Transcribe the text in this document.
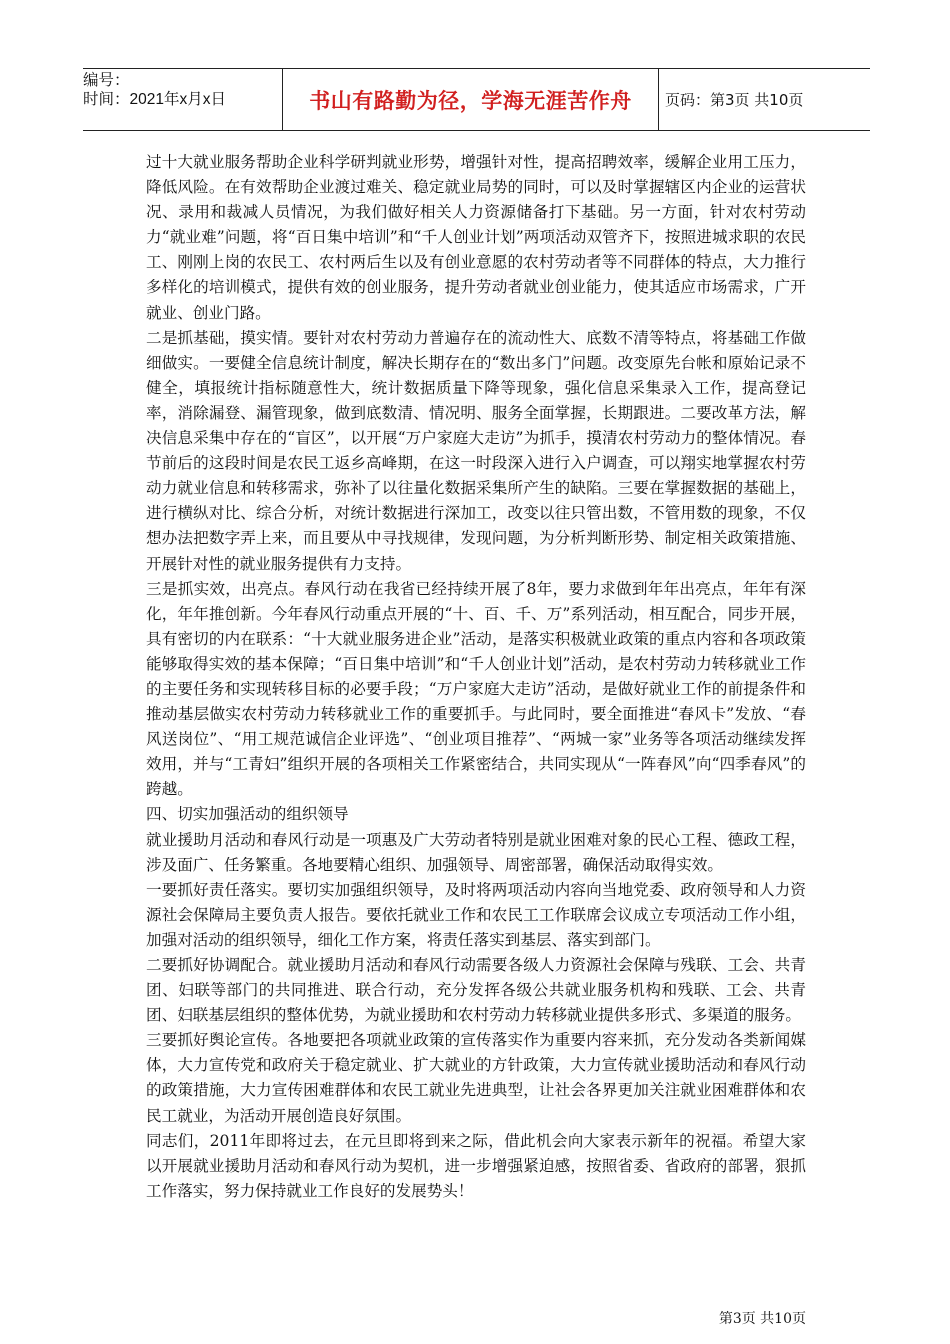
编号：
时间：2021年x月x日	书山有路勤为径，学海无涯苦作舟	页码：第3页 共10页

过十大就业服务帮助企业科学研判就业形势，增强针对性，提高招聘效率，缓解企业用工压力，降低风险。在有效帮助企业渡过难关、稳定就业局势的同时，可以及时掌握辖区内企业的运营状况、录用和裁减人员情况，为我们做好相关人力资源储备打下基础。另一方面，针对农村劳动力“就业难”问题，将“百日集中培训”和“千人创业计划”两项活动双管齐下，按照进城求职的农民工、刚刚上岗的农民工、农村两后生以及有创业意愿的农村劳动者等不同群体的特点，大力推行多样化的培训模式，提供有效的创业服务，提升劳动者就业创业能力，使其适应市场需求，广开就业、创业门路。

二是抓基础，摸实情。要针对农村劳动力普遍存在的流动性大、底数不清等特点，将基础工作做细做实。一要健全信息统计制度，解决长期存在的“数出多门”问题。改变原先台帐和原始记录不健全，填报统计指标随意性大，统计数据质量下降等现象，强化信息采集录入工作，提高登记率，消除漏登、漏管现象，做到底数清、情况明、服务全面掌握，长期跟进。二要改革方法，解决信息采集中存在的“盲区”，以开展“万户家庭大走访”为抓手，摸清农村劳动力的整体情况。春节前后的这段时间是农民工返乡高峰期，在这一时段深入进行入户调查，可以翔实地掌握农村劳动力就业信息和转移需求，弥补了以往量化数据采集所产生的缺陷。三要在掌握数据的基础上，进行横纵对比、综合分析，对统计数据进行深加工，改变以往只管出数，不管用数的现象，不仅想办法把数字弄上来，而且要从中寻找规律，发现问题，为分析判断形势、制定相关政策措施、开展针对性的就业服务提供有力支持。

三是抓实效，出亮点。春风行动在我省已经持续开展了8年，要力求做到年年出亮点，年年有深化，年年推创新。今年春风行动重点开展的“十、百、千、万”系列活动，相互配合，同步开展，具有密切的内在联系：“十大就业服务进企业”活动，是落实积极就业政策的重点内容和各项政策能够取得实效的基本保障；“百日集中培训”和“千人创业计划”活动，是农村劳动力转移就业工作的主要任务和实现转移目标的必要手段；“万户家庭大走访”活动，是做好就业工作的前提条件和推动基层做实农村劳动力转移就业工作的重要抓手。与此同时，要全面推进“春风卡”发放、“春风送岗位”、“用工规范诚信企业评选”、“创业项目推荐”、“两城一家”业务等各项活动继续发挥效用，并与“工青妇”组织开展的各项相关工作紧密结合，共同实现从“一阵春风”向“四季春风”的跨越。

四、切实加强活动的组织领导

就业援助月活动和春风行动是一项惠及广大劳动者特别是就业困难对象的民心工程、德政工程，涉及面广、任务繁重。各地要精心组织、加强领导、周密部署，确保活动取得实效。

一要抓好责任落实。要切实加强组织领导，及时将两项活动内容向当地党委、政府领导和人力资源社会保障局主要负责人报告。要依托就业工作和农民工工作联席会议成立专项活动工作小组，加强对活动的组织领导，细化工作方案，将责任落实到基层、落实到部门。

二要抓好协调配合。就业援助月活动和春风行动需要各级人力资源社会保障与残联、工会、共青团、妇联等部门的共同推进、联合行动，充分发挥各级公共就业服务机构和残联、工会、共青团、妇联基层组织的整体优势，为就业援助和农村劳动力转移就业提供多形式、多渠道的服务。

三要抓好舆论宣传。各地要把各项就业政策的宣传落实作为重要内容来抓，充分发动各类新闻媒体，大力宣传党和政府关于稳定就业、扩大就业的方针政策，大力宣传就业援助活动和春风行动的政策措施，大力宣传困难群体和农民工就业先进典型，让社会各界更加关注就业困难群体和农民工就业，为活动开展创造良好氛围。

同志们，2011年即将过去，在元旦即将到来之际，借此机会向大家表示新年的祝福。希望大家以开展就业援助月活动和春风行动为契机，进一步增强紧迫感，按照省委、省政府的部署，狠抓工作落实，努力保持就业工作良好的发展势头！

第3页 共10页
